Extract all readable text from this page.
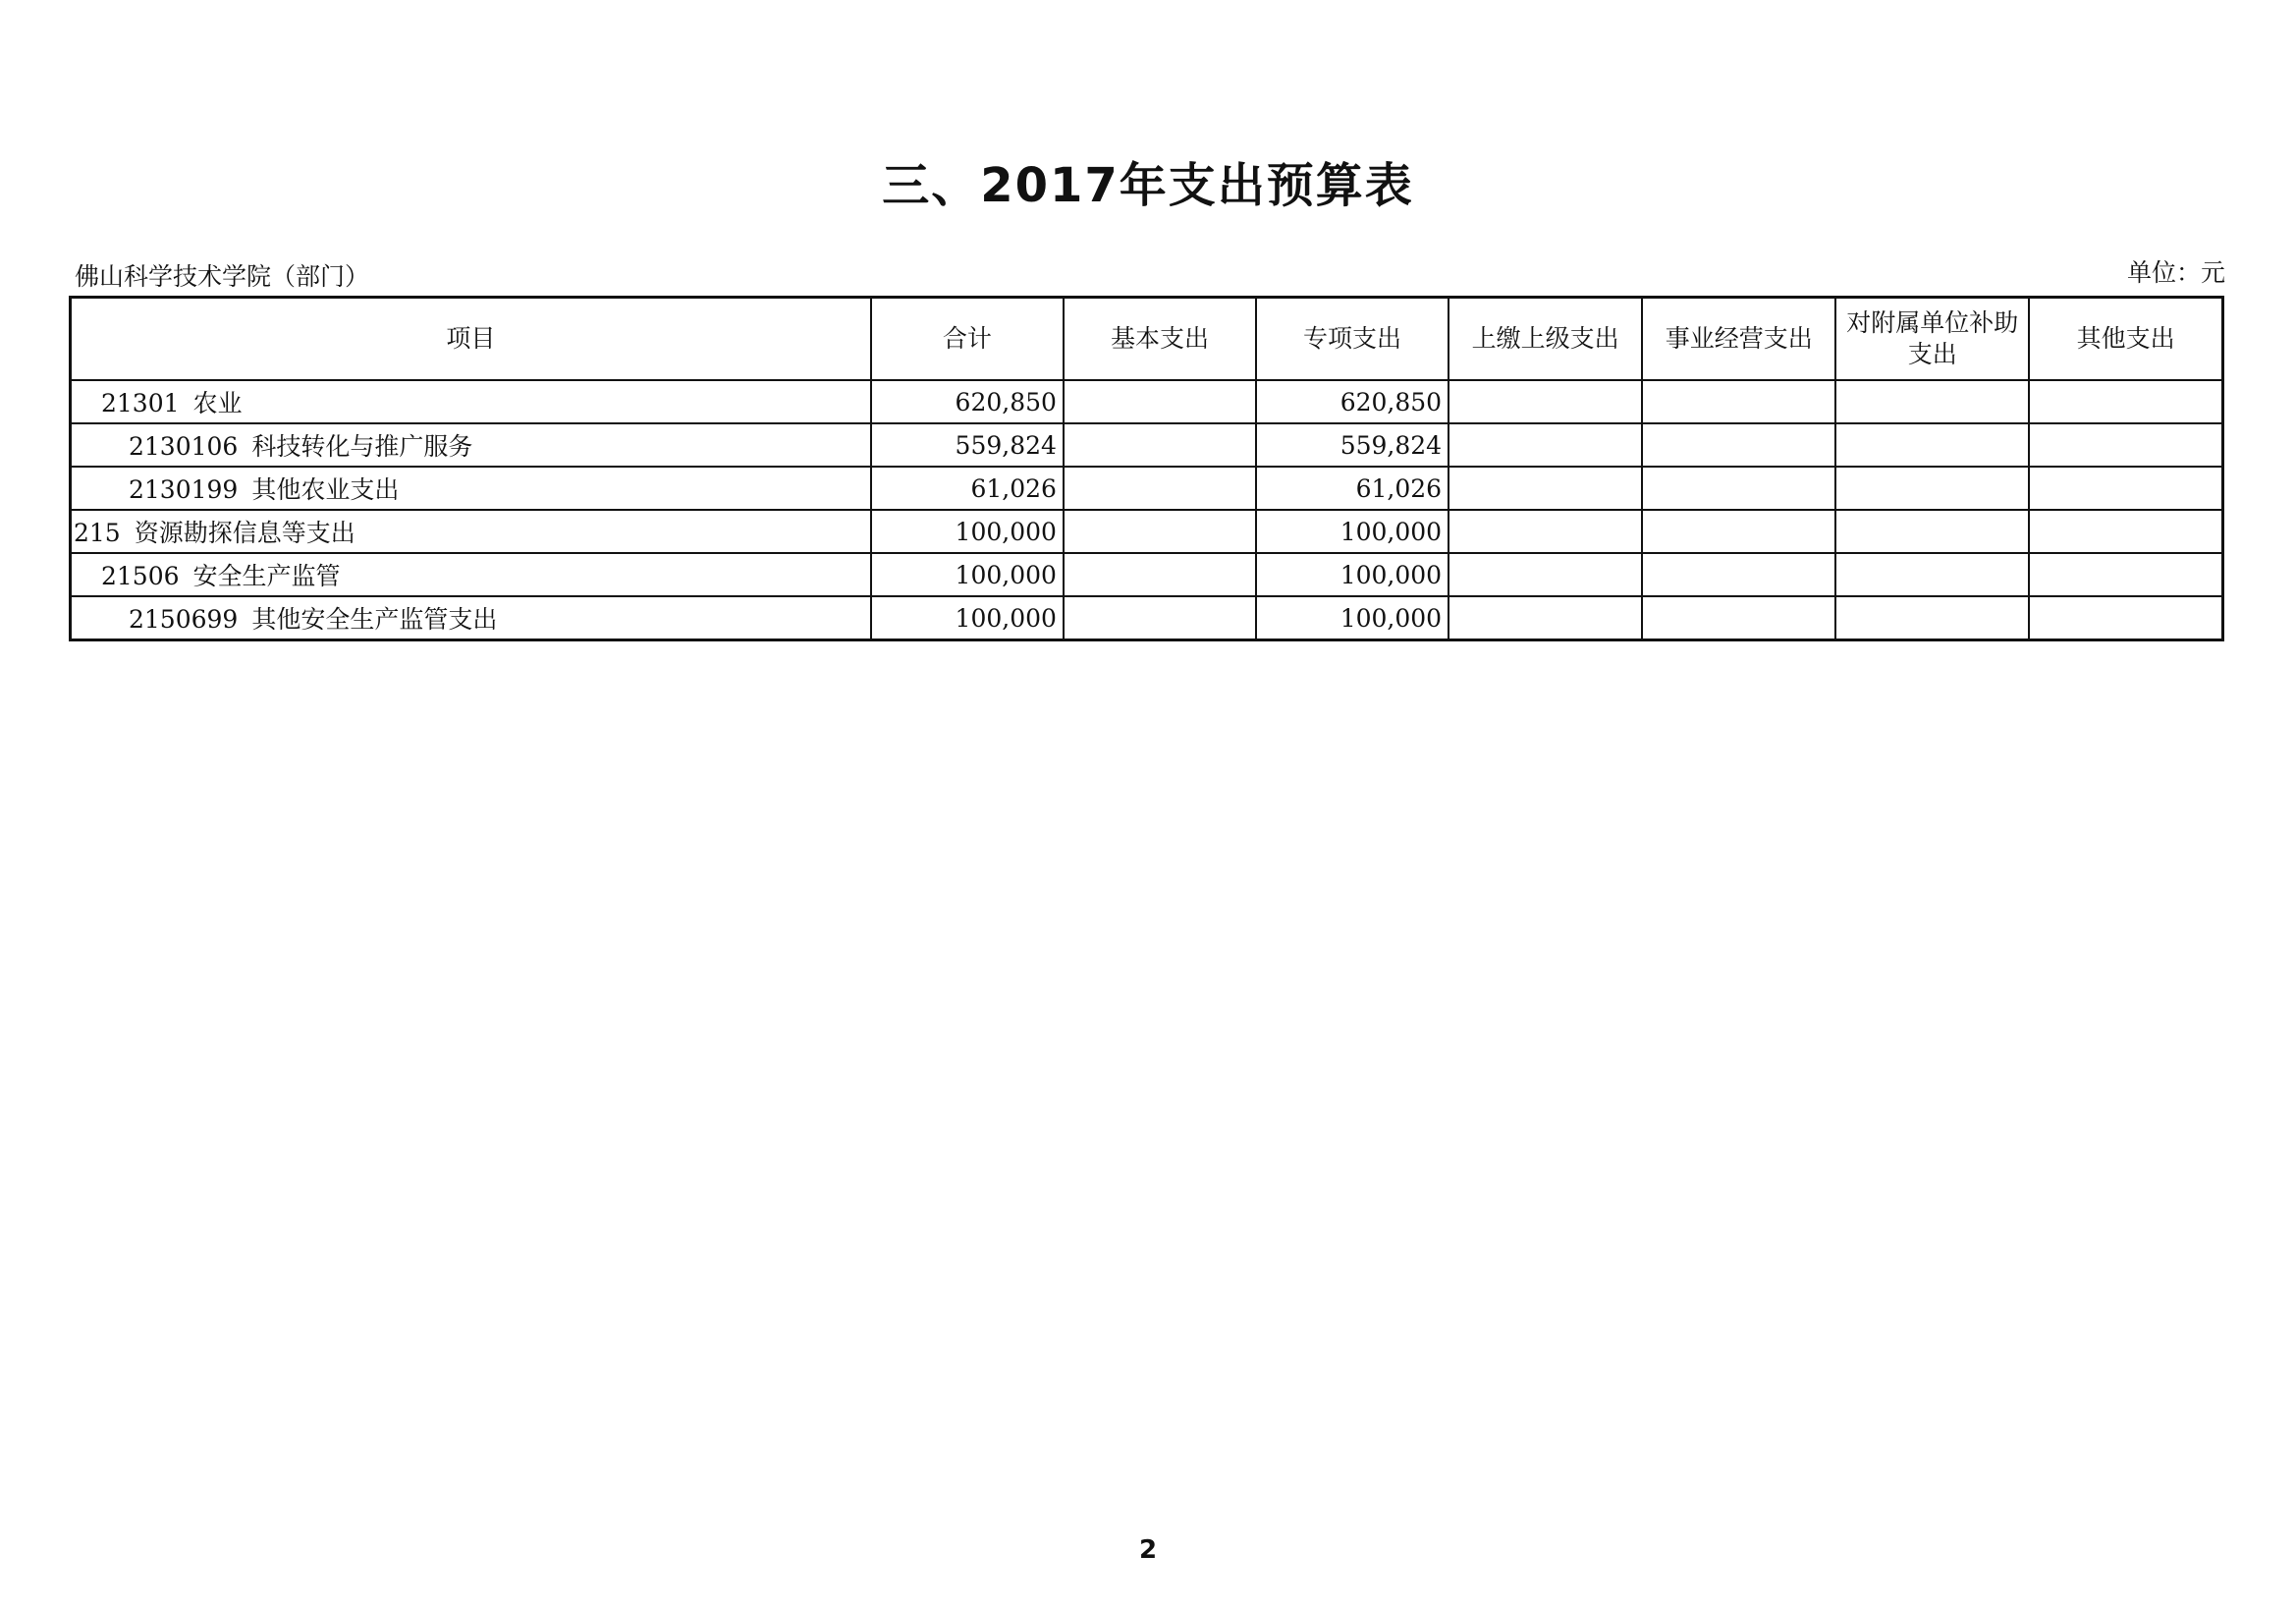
三、2017年支出预算表
佛山科学技术学院（部门）	单位：元
项目	合计	基本支出	专项支出	上缴上级支出	事业经营支出	对附属单位补助支出	其他支出
21301 农业	620,850		620,850				
2130106 科技转化与推广服务	559,824		559,824				
2130199 其他农业支出	61,026		61,026				
215 资源勘探信息等支出	100,000		100,000				
21506 安全生产监管	100,000		100,000				
2150699 其他安全生产监管支出	100,000		100,000				
2
